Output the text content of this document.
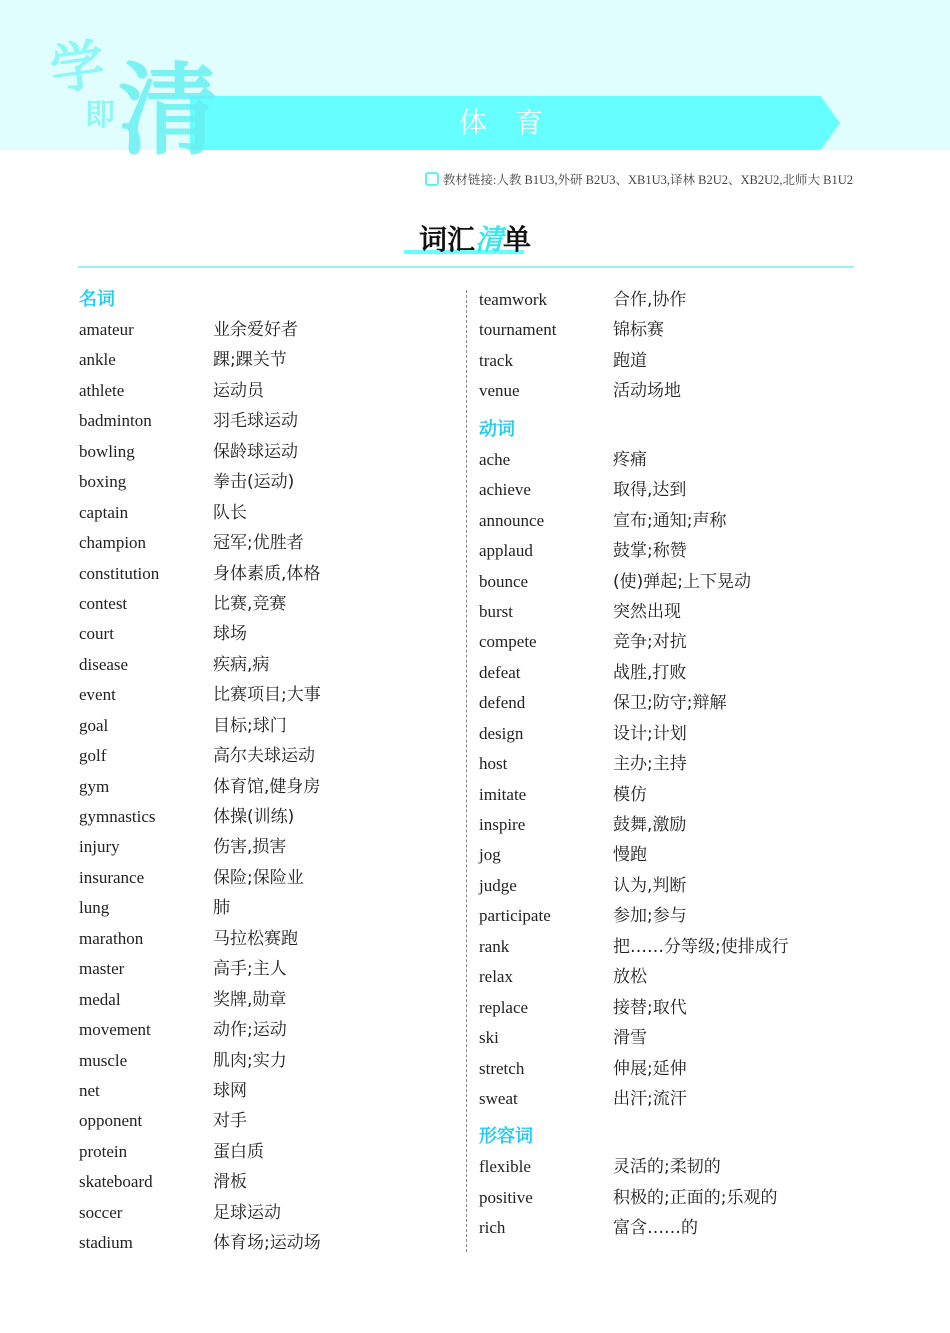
学
即 清	体育
教材链接:人教 B1U3,外研 B2U3、XB1U3,译林 B2U2、XB2U2,北师大 B1U2
词汇清单
名词
amateur	业余爱好者
ankle	踝;踝关节
athlete	运动员
badminton	羽毛球运动
bowling	保龄球运动
boxing	拳击(运动)
captain	队长
champion	冠军;优胜者
constitution	身体素质,体格
contest	比赛,竞赛
court	球场
disease	疾病,病
event	比赛项目;大事
goal	目标;球门
golf	高尔夫球运动
gym	体育馆,健身房
gymnastics	体操(训练)
injury	伤害,损害
insurance	保险;保险业
lung	肺
marathon	马拉松赛跑
master	高手;主人
medal	奖牌,勋章
movement	动作;运动
muscle	肌肉;实力
net	球网
opponent	对手
protein	蛋白质
skateboard	滑板
soccer	足球运动
stadium	体育场;运动场
teamwork	合作,协作
tournament	锦标赛
track	跑道
venue	活动场地
动词
ache	疼痛
achieve	取得,达到
announce	宣布;通知;声称
applaud	鼓掌;称赞
bounce	(使)弹起;上下晃动
burst	突然出现
compete	竞争;对抗
defeat	战胜,打败
defend	保卫;防守;辩解
design	设计;计划
host	主办;主持
imitate	模仿
inspire	鼓舞,激励
jog	慢跑
judge	认为,判断
participate	参加;参与
rank	把……分等级;使排成行
relax	放松
replace	接替;取代
ski	滑雪
stretch	伸展;延伸
sweat	出汗;流汗
形容词
flexible	灵活的;柔韧的
positive	积极的;正面的;乐观的
rich	富含……的
